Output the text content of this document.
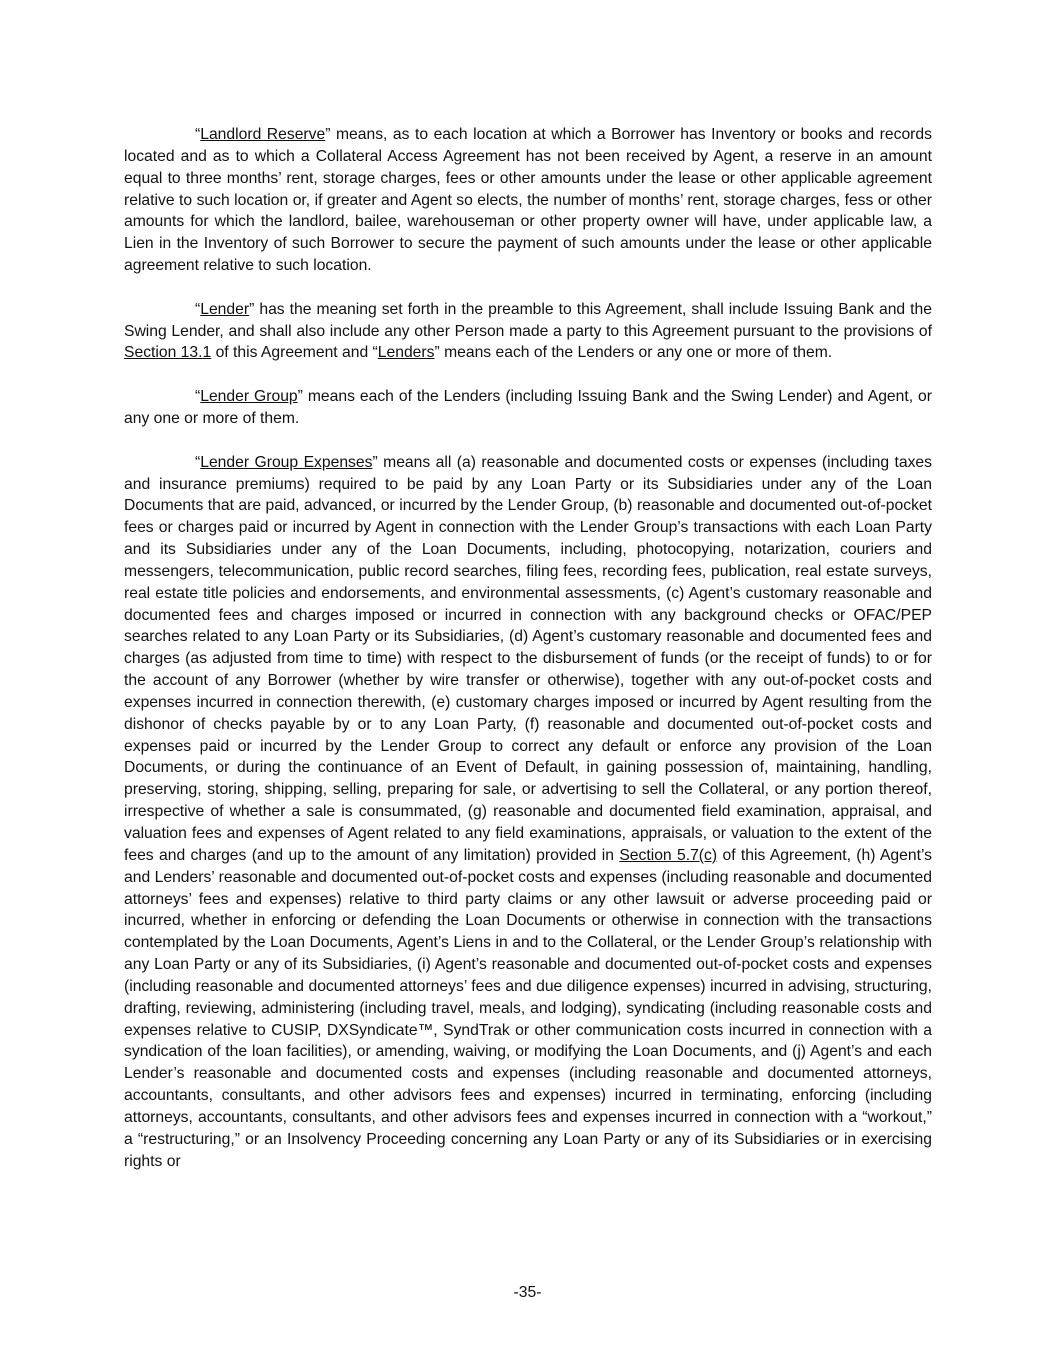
“Landlord Reserve” means, as to each location at which a Borrower has Inventory or books and records located and as to which a Collateral Access Agreement has not been received by Agent, a reserve in an amount equal to three months’ rent, storage charges, fees or other amounts under the lease or other applicable agreement relative to such location or, if greater and Agent so elects, the number of months’ rent, storage charges, fess or other amounts for which the landlord, bailee, warehouseman or other property owner will have, under applicable law, a Lien in the Inventory of such Borrower to secure the payment of such amounts under the lease or other applicable agreement relative to such location.

“Lender” has the meaning set forth in the preamble to this Agreement, shall include Issuing Bank and the Swing Lender, and shall also include any other Person made a party to this Agreement pursuant to the provisions of Section 13.1 of this Agreement and “Lenders” means each of the Lenders or any one or more of them.

“Lender Group” means each of the Lenders (including Issuing Bank and the Swing Lender) and Agent, or any one or more of them.

“Lender Group Expenses” means all (a) reasonable and documented costs or expenses (including taxes and insurance premiums) required to be paid by any Loan Party or its Subsidiaries under any of the Loan Documents that are paid, advanced, or incurred by the Lender Group, (b) reasonable and documented out-of-pocket fees or charges paid or incurred by Agent in connection with the Lender Group’s transactions with each Loan Party and its Subsidiaries under any of the Loan Documents, including, photocopying, notarization, couriers and messengers, telecommunication, public record searches, filing fees, recording fees, publication, real estate surveys, real estate title policies and endorsements, and environmental assessments, (c) Agent’s customary reasonable and documented fees and charges imposed or incurred in connection with any background checks or OFAC/PEP searches related to any Loan Party or its Subsidiaries, (d) Agent’s customary reasonable and documented fees and charges (as adjusted from time to time) with respect to the disbursement of funds (or the receipt of funds) to or for the account of any Borrower (whether by wire transfer or otherwise), together with any out-of-pocket costs and expenses incurred in connection therewith, (e) customary charges imposed or incurred by Agent resulting from the dishonor of checks payable by or to any Loan Party, (f) reasonable and documented out-of-pocket costs and expenses paid or incurred by the Lender Group to correct any default or enforce any provision of the Loan Documents, or during the continuance of an Event of Default, in gaining possession of, maintaining, handling, preserving, storing, shipping, selling, preparing for sale, or advertising to sell the Collateral, or any portion thereof, irrespective of whether a sale is consummated, (g) reasonable and documented field examination, appraisal, and valuation fees and expenses of Agent related to any field examinations, appraisals, or valuation to the extent of the fees and charges (and up to the amount of any limitation) provided in Section 5.7(c) of this Agreement, (h) Agent’s and Lenders’ reasonable and documented out-of-pocket costs and expenses (including reasonable and documented attorneys’ fees and expenses) relative to third party claims or any other lawsuit or adverse proceeding paid or incurred, whether in enforcing or defending the Loan Documents or otherwise in connection with the transactions contemplated by the Loan Documents, Agent’s Liens in and to the Collateral, or the Lender Group’s relationship with any Loan Party or any of its Subsidiaries, (i) Agent’s reasonable and documented out-of-pocket costs and expenses (including reasonable and documented attorneys’ fees and due diligence expenses) incurred in advising, structuring, drafting, reviewing, administering (including travel, meals, and lodging), syndicating (including reasonable costs and expenses relative to CUSIP, DXSyndicate™, SyndTrak or other communication costs incurred in connection with a syndication of the loan facilities), or amending, waiving, or modifying the Loan Documents, and (j) Agent’s and each Lender’s reasonable and documented costs and expenses (including reasonable and documented attorneys, accountants, consultants, and other advisors fees and expenses) incurred in terminating, enforcing (including attorneys, accountants, consultants, and other advisors fees and expenses incurred in connection with a “workout,” a “restructuring,” or an Insolvency Proceeding concerning any Loan Party or any of its Subsidiaries or in exercising rights or

-35-
